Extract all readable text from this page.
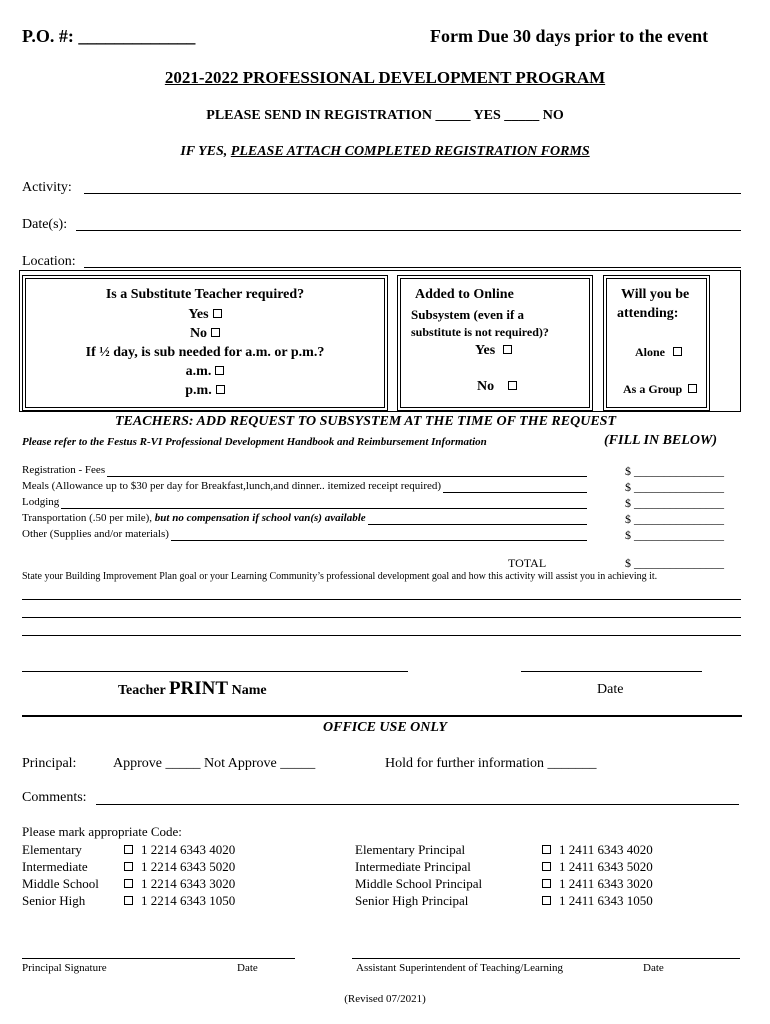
P.O. #: _____________	Form Due 30 days prior to the event
2021-2022 PROFESSIONAL DEVELOPMENT PROGRAM
PLEASE SEND IN REGISTRATION _____ YES _____ NO
IF YES, PLEASE ATTACH COMPLETED REGISTRATION FORMS
Activity:
Date(s):
Location:
Is a Substitute Teacher required?
Yes
No
If ½ day, is sub needed for a.m. or p.m.?
a.m.
p.m.
Added to Online
Subsystem (even if a
substitute is not required)?
Yes
No
Will you be
attending:
Alone
As a Group
TEACHERS: ADD REQUEST TO SUBSYSTEM AT THE TIME OF THE REQUEST
Please refer to the Festus R-VI Professional Development Handbook and Reimbursement Information	(FILL IN BELOW)
Registration - Fees	$ _______________
Meals (Allowance up to $30 per day for Breakfast,lunch,and dinner.. itemized receipt required)	$ _______________
Lodging	$ _______________
Transportation (.50 per mile), but no compensation if school van(s) available	$ _______________
Other (Supplies and/or materials)	$ _______________
TOTAL	$ _______________
State your Building Improvement Plan goal or your Learning Community’s professional development goal and how this activity will assist you in achieving it.
Teacher PRINT Name	Date
OFFICE USE ONLY
Principal:	Approve _____ Not Approve _____	Hold for further information _______
Comments:
Please mark appropriate Code:
Elementary	1 2214 6343 4020
Intermediate	1 2214 6343 5020
Middle School	1 2214 6343 3020
Senior High	1 2214 6343 1050
Elementary Principal	1 2411 6343 4020
Intermediate Principal	1 2411 6343 5020
Middle School Principal	1 2411 6343 3020
Senior High Principal	1 2411 6343 1050
Principal Signature	Date	Assistant Superintendent of Teaching/Learning	Date
(Revised 07/2021)
